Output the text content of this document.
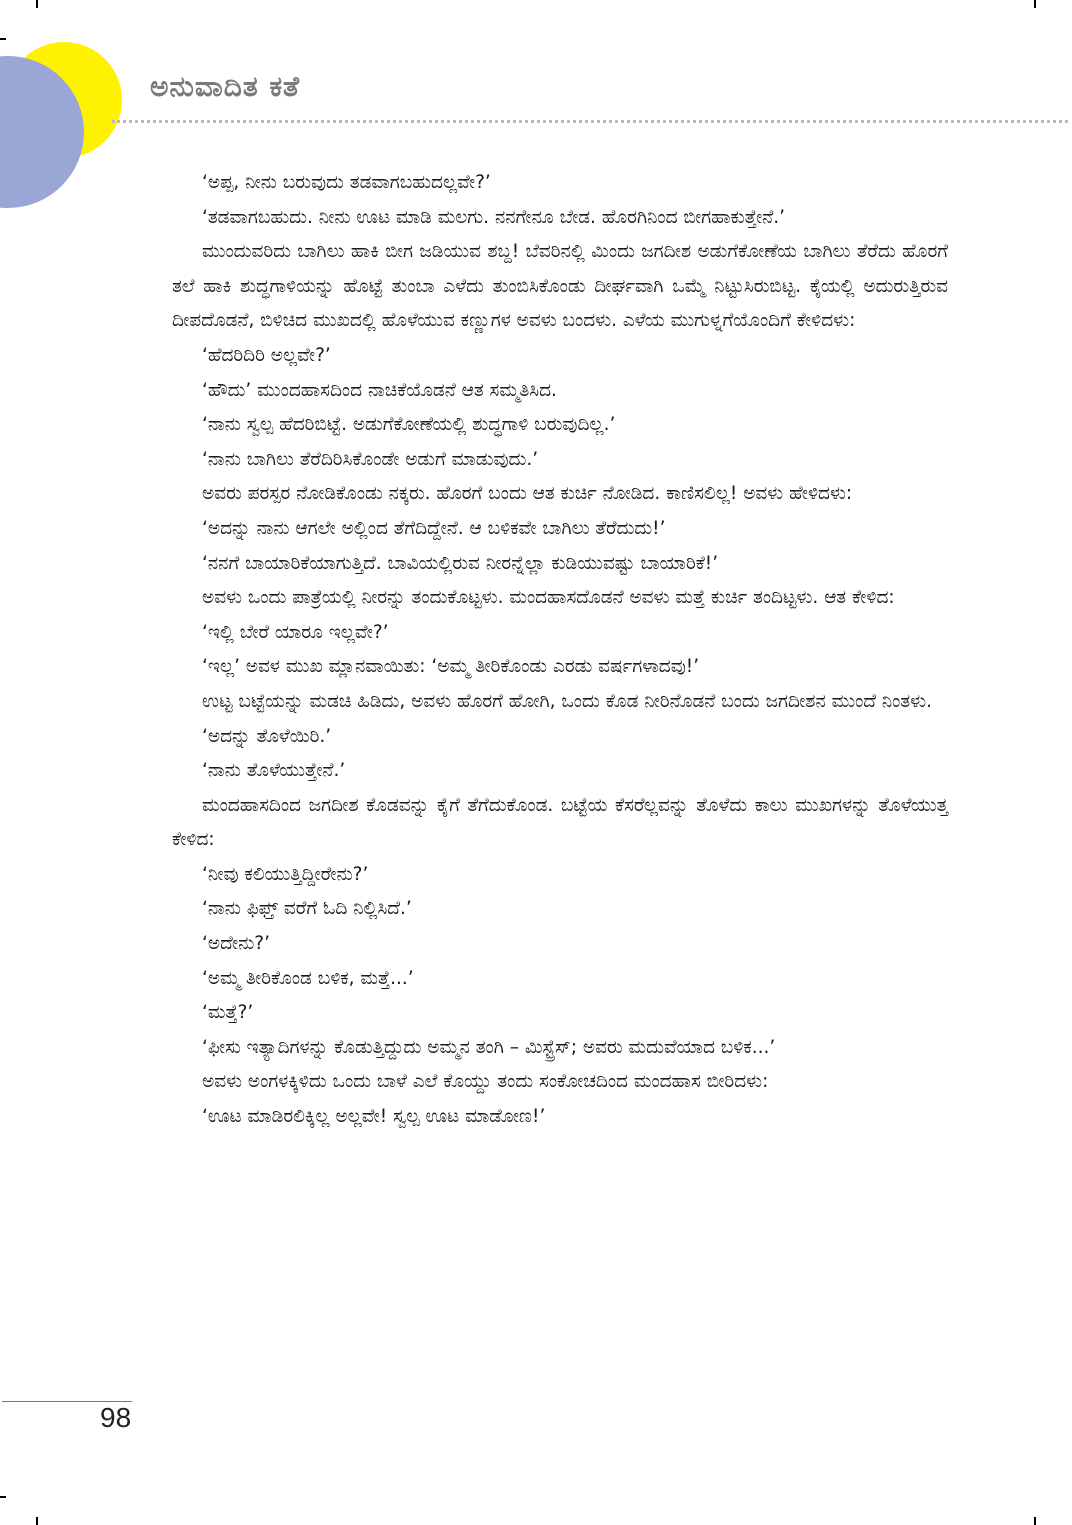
ಅನುವಾದಿತ ಕತೆ

‘ಅಪ್ಪ, ನೀನು ಬರುವುದು ತಡವಾಗಬಹುದಲ್ಲವೇ?’

‘ತಡವಾಗಬಹುದು. ನೀನು ಊಟ ಮಾಡಿ ಮಲಗು. ನನಗೇನೂ ಬೇಡ. ಹೊರಗಿನಿಂದ ಬೀಗಹಾಕುತ್ತೇನೆ.’

ಮುಂದುವರಿದು ಬಾಗಿಲು ಹಾಕಿ ಬೀಗ ಜಡಿಯುವ ಶಬ್ದ! ಬೆವರಿನಲ್ಲಿ ಮಿಂದು ಜಗದೀಶ ಅಡುಗೆಕೋಣೆಯ ಬಾಗಿಲು ತೆರೆದು ಹೊರಗೆ ತಲೆ ಹಾಕಿ ಶುದ್ಧಗಾಳಿಯನ್ನು ಹೊಟ್ಟೆ ತುಂಬಾ ಎಳೆದು ತುಂಬಿಸಿಕೊಂಡು ದೀರ್ಘವಾಗಿ ಒಮ್ಮೆ ನಿಟ್ಟುಸಿರುಬಿಟ್ಟ. ಕೈಯಲ್ಲಿ ಅದುರುತ್ತಿರುವ ದೀಪದೊಡನೆ, ಬಿಳಿಚಿದ ಮುಖದಲ್ಲಿ ಹೊಳೆಯುವ ಕಣ್ಣುಗಳ ಅವಳು ಬಂದಳು. ಎಳೆಯ ಮುಗುಳ್ನಗೆಯೊಂದಿಗೆ ಕೇಳಿದಳು:

‘ಹೆದರಿದಿರಿ ಅಲ್ಲವೇ?’

‘ಹೌದು’ ಮುಂದಹಾಸದಿಂದ ನಾಚಿಕೆಯೊಡನೆ ಆತ ಸಮ್ಮತಿಸಿದ.

‘ನಾನು ಸ್ವಲ್ಪ ಹೆದರಿಬಿಟ್ಟೆ. ಅಡುಗೆಕೋಣೆಯಲ್ಲಿ ಶುದ್ಧಗಾಳಿ ಬರುವುದಿಲ್ಲ.’

‘ನಾನು ಬಾಗಿಲು ತೆರೆದಿರಿಸಿಕೊಂಡೇ ಅಡುಗೆ ಮಾಡುವುದು.’

ಅವರು ಪರಸ್ಪರ ನೋಡಿಕೊಂಡು ನಕ್ಕರು. ಹೊರಗೆ ಬಂದು ಆತ ಕುರ್ಚಿ ನೋಡಿದ. ಕಾಣಿಸಲಿಲ್ಲ! ಅವಳು ಹೇಳಿದಳು:

‘ಅದನ್ನು ನಾನು ಆಗಲೇ ಅಲ್ಲಿಂದ ತೆಗೆದಿದ್ದೇನೆ. ಆ ಬಳಿಕವೇ ಬಾಗಿಲು ತೆರೆದುದು!’

‘ನನಗೆ ಬಾಯಾರಿಕೆಯಾಗುತ್ತಿದೆ. ಬಾವಿಯಲ್ಲಿರುವ ನೀರನ್ನೆಲ್ಲಾ ಕುಡಿಯುವಷ್ಟು ಬಾಯಾರಿಕೆ!’

ಅವಳು ಒಂದು ಪಾತ್ರೆಯಲ್ಲಿ ನೀರನ್ನು ತಂದುಕೊಟ್ಟಳು. ಮಂದಹಾಸದೊಡನೆ ಅವಳು ಮತ್ತೆ ಕುರ್ಚಿ ತಂದಿಟ್ಟಳು. ಆತ ಕೇಳಿದ:

‘ಇಲ್ಲಿ ಬೇರೆ ಯಾರೂ ಇಲ್ಲವೇ?’

‘ಇಲ್ಲ’ ಅವಳ ಮುಖ ಮ್ಲಾನವಾಯಿತು: ‘ಅಮ್ಮ ತೀರಿಕೊಂಡು ಎರಡು ವರ್ಷಗಳಾದವು!’

ಉಟ್ಟ ಬಟ್ಟೆಯನ್ನು ಮಡಚಿ ಹಿಡಿದು, ಅವಳು ಹೊರಗೆ ಹೋಗಿ, ಒಂದು ಕೊಡ ನೀರಿನೊಡನೆ ಬಂದು ಜಗದೀಶನ ಮುಂದೆ ನಿಂತಳು.

‘ಅದನ್ನು ತೊಳೆಯಿರಿ.’

‘ನಾನು ತೊಳೆಯುತ್ತೇನೆ.’

ಮಂದಹಾಸದಿಂದ ಜಗದೀಶ ಕೊಡವನ್ನು ಕೈಗೆ ತೆಗೆದುಕೊಂಡ. ಬಟ್ಟೆಯ ಕೆಸರೆಲ್ಲವನ್ನು ತೊಳೆದು ಕಾಲು ಮುಖಗಳನ್ನು ತೊಳೆಯುತ್ತ ಕೇಳಿದ:

‘ನೀವು ಕಲಿಯುತ್ತಿದ್ದೀರೇನು?’

‘ನಾನು ಫಿಫ್ತ್ ವರೆಗೆ ಓದಿ ನಿಲ್ಲಿಸಿದೆ.’

‘ಅದೇನು?’

‘ಅಮ್ಮ ತೀರಿಕೊಂಡ ಬಳಿಕ, ಮತ್ತೆ...’

‘ಮತ್ತೆ?’

‘ಫೀಸು ಇತ್ಯಾದಿಗಳನ್ನು ಕೊಡುತ್ತಿದ್ದುದು ಅಮ್ಮನ ತಂಗಿ – ಮಿಸ್ಟ್ರೆಸ್; ಅವರು ಮದುವೆಯಾದ ಬಳಿಕ...’

ಅವಳು ಅಂಗಳಕ್ಕಿಳಿದು ಒಂದು ಬಾಳೆ ಎಲೆ ಕೊಯ್ದು ತಂದು ಸಂಕೋಚದಿಂದ ಮಂದಹಾಸ ಬೀರಿದಳು:

‘ಊಟ ಮಾಡಿರಲಿಕ್ಕಿಲ್ಲ ಅಲ್ಲವೇ! ಸ್ವಲ್ಪ ಊಟ ಮಾಡೋಣ!’

98
